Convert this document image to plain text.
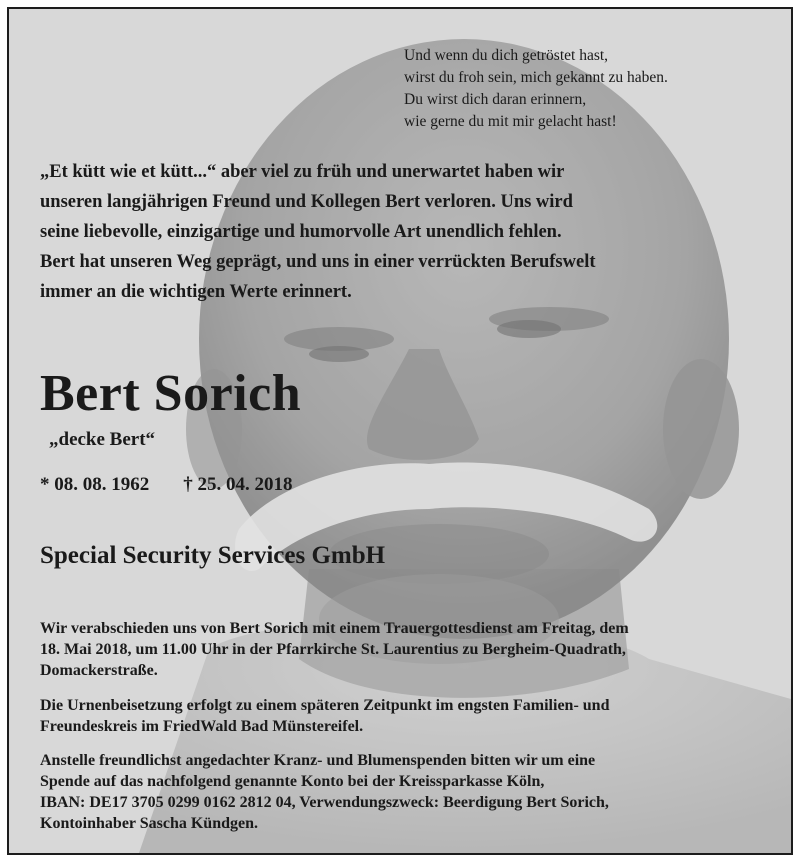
Und wenn du dich getröstet hast,
wirst du froh sein, mich gekannt zu haben.
Du wirst dich daran erinnern,
wie gerne du mit mir gelacht hast!
„Et kütt wie et kütt...“ aber viel zu früh und unerwartet haben wir
unseren langjährigen Freund und Kollegen Bert verloren. Uns wird
seine liebevolle, einzigartige und humorvolle Art unendlich fehlen.
Bert hat unseren Weg geprägt, und uns in einer verrückten Berufswelt
immer an die wichtigen Werte erinnert.
Bert Sorich
„decke Bert“
* 08. 08. 1962 † 25. 04. 2018
Special Security Services GmbH
Wir verabschieden uns von Bert Sorich mit einem Trauergottesdienst am Freitag, dem
18. Mai 2018, um 11.00 Uhr in der Pfarrkirche St. Laurentius zu Bergheim-Quadrath,
Domackerstraße.
Die Urnenbeisetzung erfolgt zu einem späteren Zeitpunkt im engsten Familien- und
Freundeskreis im FriedWald Bad Münstereifel.
Anstelle freundlichst angedachter Kranz- und Blumenspenden bitten wir um eine
Spende auf das nachfolgend genannte Konto bei der Kreissparkasse Köln,
IBAN: DE17 3705 0299 0162 2812 04, Verwendungszweck: Beerdigung Bert Sorich,
Kontoinhaber Sascha Kündgen.
